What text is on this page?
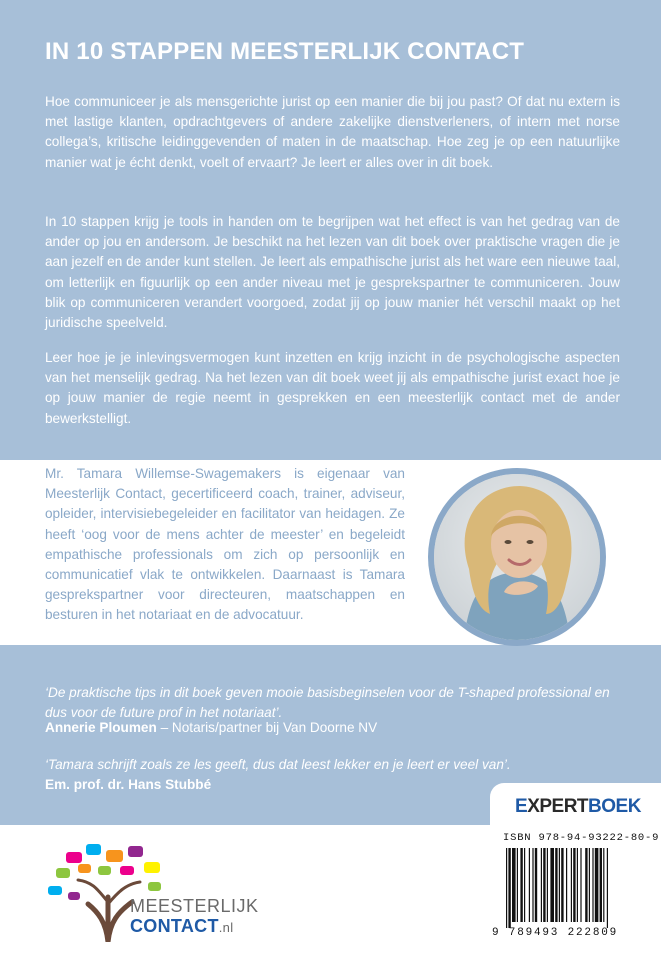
IN 10 STAPPEN MEESTERLIJK CONTACT

Hoe communiceer je als mensgerichte jurist op een manier die bij jou past? Of dat nu extern is met lastige klanten, opdrachtgevers of andere zakelijke dienstverleners, of intern met norse collega’s, kritische leidinggevenden of maten in de maatschap. Hoe zeg je op een natuurlijke manier wat je écht denkt, voelt of ervaart? Je leert er alles over in dit boek.

In 10 stappen krijg je tools in handen om te begrijpen wat het effect is van het gedrag van de ander op jou en andersom. Je beschikt na het lezen van dit boek over praktische vragen die je aan jezelf en de ander kunt stellen. Je leert als empathische jurist als het ware een nieuwe taal, om letterlijk en figuurlijk op een ander niveau met je gesprekspartner te communiceren. Jouw blik op communiceren verandert voorgoed, zodat jij op jouw manier hét verschil maakt op het juridische speelveld.

Leer hoe je je inlevingsvermogen kunt inzetten en krijg inzicht in de psychologische aspecten van het menselijk gedrag. Na het lezen van dit boek weet jij als empathische jurist exact hoe je op jouw manier de regie neemt in gesprekken en een meesterlijk contact met de ander bewerkstelligt.

Mr. Tamara Willemse-Swagemakers is eigenaar van Meesterlijk Contact, gecertificeerd coach, trainer, adviseur, opleider, intervisiebegeleider en facilitator van heidagen. Ze heeft ‘oog voor de mens achter de meester’ en begeleidt empathische professionals om zich op persoonlijk en communicatief vlak te ontwikkelen. Daarnaast is Tamara gesprekspartner voor directeuren, maatschappen en besturen in het notariaat en de advocatuur.

‘De praktische tips in dit boek geven mooie basisbeginselen voor de T-shaped professional en dus voor de future prof in het notariaat’.

Annerie Ploumen – Notaris/partner bij Van Doorne NV

‘Tamara schrijft zoals ze les geeft, dus dat leest lekker en je leert er veel van’.

Em. prof. dr. Hans Stubbé
EXPERTBOEK
ISBN 978-94-93222-80-9
9 789493 222809
MEESTERLIJK
CONTACT.nl
